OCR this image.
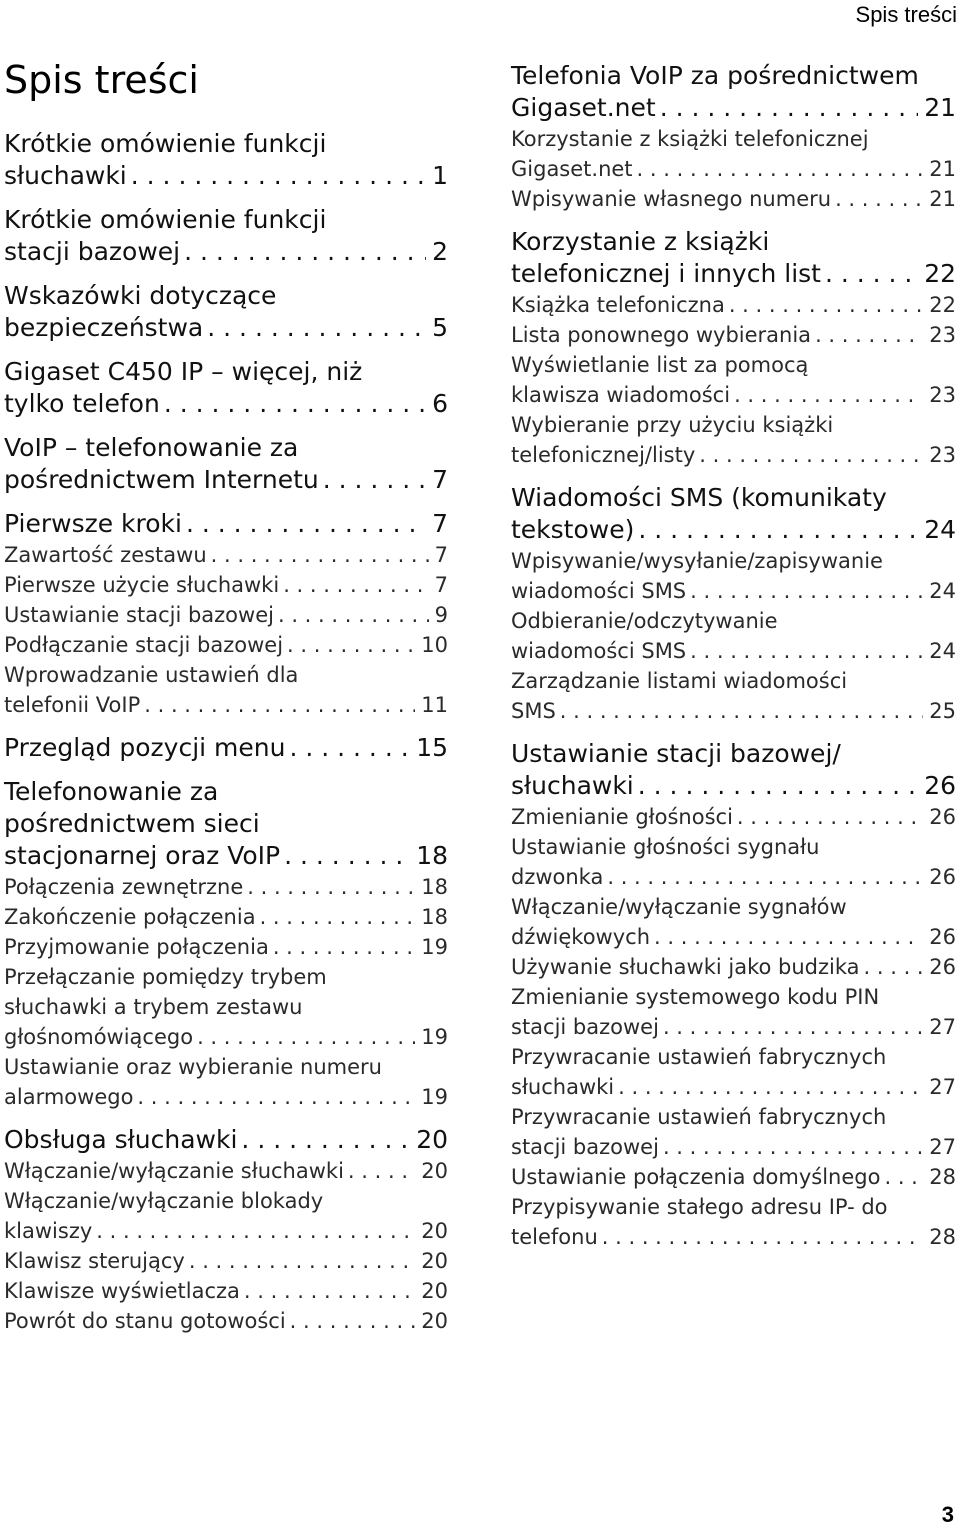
Spis treści
Spis treści
Krótkie omówienie funkcji
słuchawki . . .	1
Krótkie omówienie funkcji
stacji bazowej . . .	2
Wskazówki dotyczące
bezpieczeństwa . . .	5
Gigaset C450 IP – więcej, niż
tylko telefon . . .	6
VoIP – telefonowanie za
pośrednictwem Internetu . . .	7
Pierwsze kroki . . .	7
Zawartość zestawu . . .	7
Pierwsze użycie słuchawki . . .	7
Ustawianie stacji bazowej . . .	9
Podłączanie stacji bazowej . . .	10
Wprowadzanie ustawień dla
telefonii VoIP . . .	11
Przegląd pozycji menu . . .	15
Telefonowanie za
pośrednictwem sieci
stacjonarnej oraz VoIP . . .	18
Połączenia zewnętrzne . . .	18
Zakończenie połączenia . . .	18
Przyjmowanie połączenia . . .	19
Przełączanie pomiędzy trybem
słuchawki a trybem zestawu
głośnomówiącego . . .	19
Ustawianie oraz wybieranie numeru
alarmowego . . .	19
Obsługa słuchawki . . .	20
Włączanie/wyłączanie słuchawki . . .	20
Włączanie/wyłączanie blokady
klawiszy . . .	20
Klawisz sterujący . . .	20
Klawisze wyświetlacza . . .	20
Powrót do stanu gotowości . . .	20
Telefonia VoIP za pośrednictwem
Gigaset.net . . .	21
Korzystanie z książki telefonicznej
Gigaset.net . . .	21
Wpisywanie własnego numeru . . .	21
Korzystanie z książki
telefonicznej i innych list . . .	22
Książka telefoniczna . . .	22
Lista ponownego wybierania . . .	23
Wyświetlanie list za pomocą
klawisza wiadomości . . .	23
Wybieranie przy użyciu książki
telefonicznej/listy . . .	23
Wiadomości SMS (komunikaty
tekstowe) . . .	24
Wpisywanie/wysyłanie/zapisywanie
wiadomości SMS . . .	24
Odbieranie/odczytywanie
wiadomości SMS . . .	24
Zarządzanie listami wiadomości
SMS . . .	25
Ustawianie stacji bazowej/
słuchawki . . .	26
Zmienianie głośności . . .	26
Ustawianie głośności sygnału
dzwonka . . .	26
Włączanie/wyłączanie sygnałów
dźwiękowych . . .	26
Używanie słuchawki jako budzika . . .	26
Zmienianie systemowego kodu PIN
stacji bazowej . . .	27
Przywracanie ustawień fabrycznych
słuchawki . . .	27
Przywracanie ustawień fabrycznych
stacji bazowej . . .	27
Ustawianie połączenia domyślnego . . . 28
Przypisywanie stałego adresu IP- do
telefonu . . .	28
3
